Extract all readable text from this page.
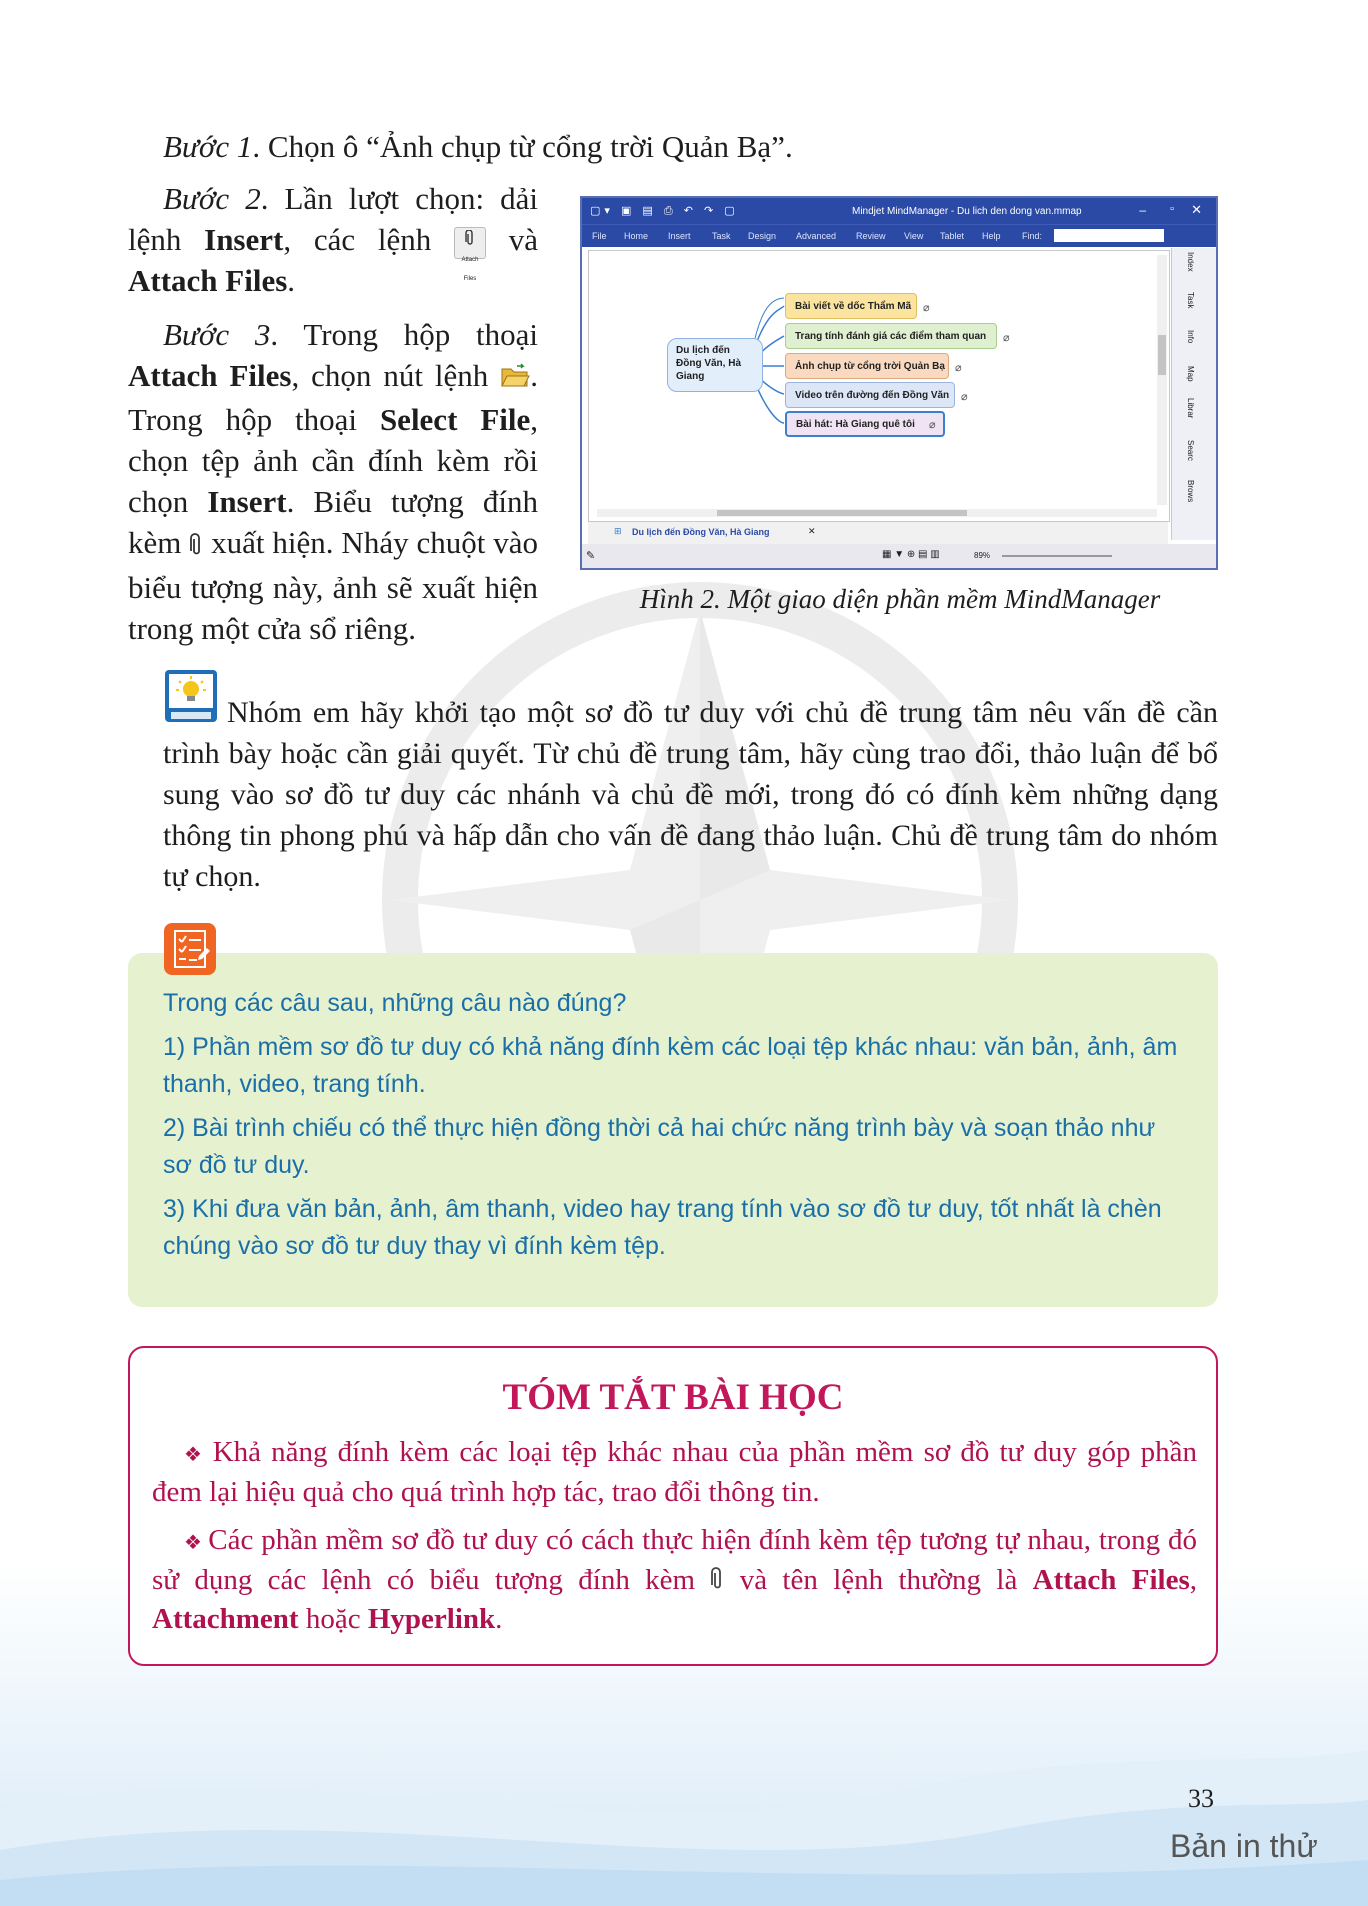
Bước 1. Chọn ô “Ảnh chụp từ cổng trời Quản Bạ”.
Bước 2. Lần lượt chọn: dải lệnh Insert, các lệnh
Attach Files và Attach Files.
Bước 3. Trong hộp thoại Attach Files, chọn nút lệnh . Trong hộp thoại Select File, chọn tệp ảnh cần đính kèm rồi chọn Insert. Biểu tượng đính kèm  xuất hiện. Nháy chuột vào biểu tượng này, ảnh sẽ xuất hiện trong một cửa sổ riêng.
▢▾ ▣ ▤ ⎙ ↶ ↷ ▢	Mindjet MindManager - Du lich den dong van.mmap	‒ ▫ ✕
File Home Insert Task Design Advanced Review View Tablet Help Find:
Du lịch đến Đồng Văn, Hà Giang
Bài viết về dốc Thẩm Mã ⌀
Trang tính đánh giá các điểm tham quan ⌀
Ảnh chụp từ cổng trời Quản Bạ ⌀
Video trên đường đến Đồng Văn ⌀
Bài hát: Hà Giang quê tôi ⌀
Index
Task
Info
Map
Librar
Searc
Brows
⊞ Du lịch đến Đồng Văn, Hà Giang	✕
✎	▦ ▼ ⊕ ▤ ▥	89%
Hình 2. Một giao diện phần mềm MindManager
Nhóm em hãy khởi tạo một sơ đồ tư duy với chủ đề trung tâm nêu vấn đề cần trình bày hoặc cần giải quyết. Từ chủ đề trung tâm, hãy cùng trao đổi, thảo luận để bổ sung vào sơ đồ tư duy các nhánh và chủ đề mới, trong đó có đính kèm những dạng thông tin phong phú và hấp dẫn cho vấn đề đang thảo luận. Chủ đề trung tâm do nhóm tự chọn.

Trong các câu sau, những câu nào đúng?

1) Phần mềm sơ đồ tư duy có khả năng đính kèm các loại tệp khác nhau: văn bản, ảnh, âm thanh, video, trang tính.

2) Bài trình chiếu có thể thực hiện đồng thời cả hai chức năng trình bày và soạn thảo như sơ đồ tư duy.

3) Khi đưa văn bản, ảnh, âm thanh, video hay trang tính vào sơ đồ tư duy, tốt nhất là chèn chúng vào sơ đồ tư duy thay vì đính kèm tệp.

TÓM TẮT BÀI HỌC
❖ Khả năng đính kèm các loại tệp khác nhau của phần mềm sơ đồ tư duy góp phần đem lại hiệu quả cho quá trình hợp tác, trao đổi thông tin.
❖ Các phần mềm sơ đồ tư duy có cách thực hiện đính kèm tệp tương tự nhau, trong đó sử dụng các lệnh có biểu tượng đính kèm  và tên lệnh thường là Attach Files, Attachment hoặc Hyperlink.
33
Bản in thử
